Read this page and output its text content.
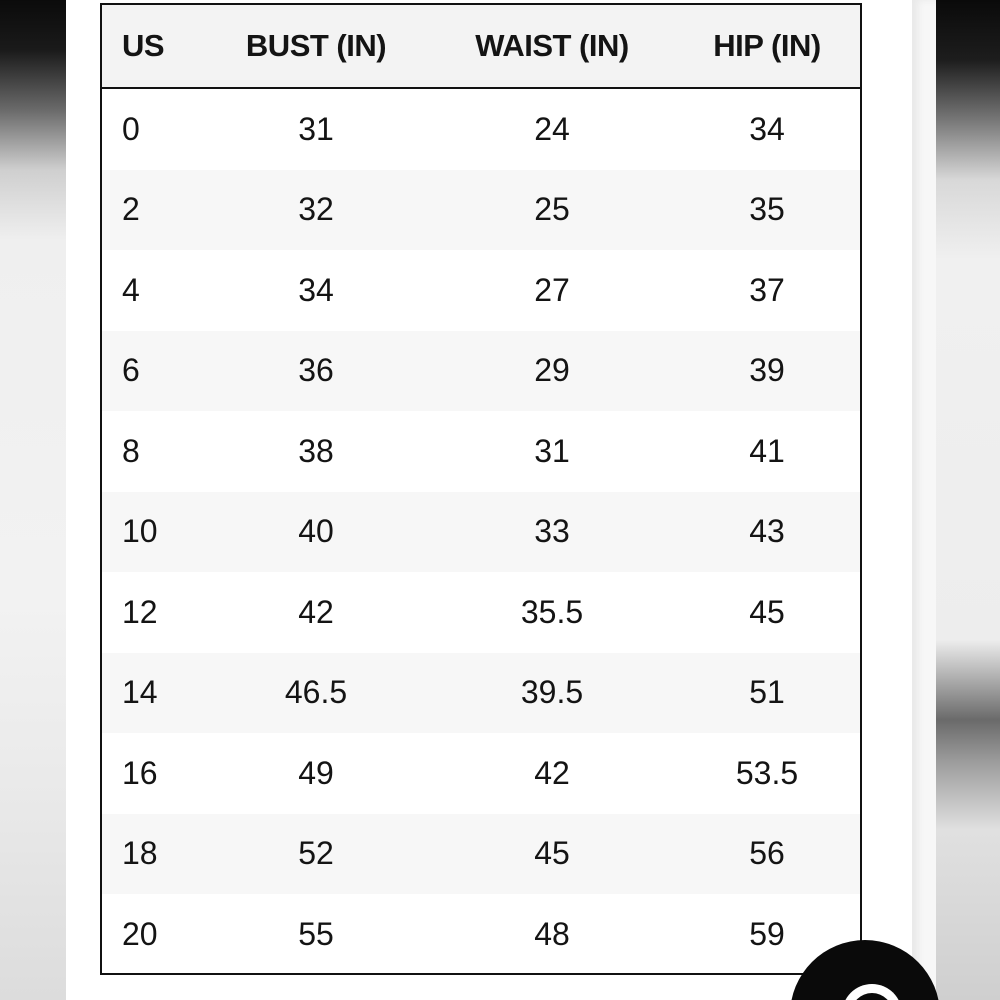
US	BUST (IN)	WAIST (IN)	HIP (IN)
0	31	24	34
2	32	25	35
4	34	27	37
6	36	29	39
8	38	31	41
10	40	33	43
12	42	35.5	45
14	46.5	39.5	51
16	49	42	53.5
18	52	45	56
20	55	48	59
